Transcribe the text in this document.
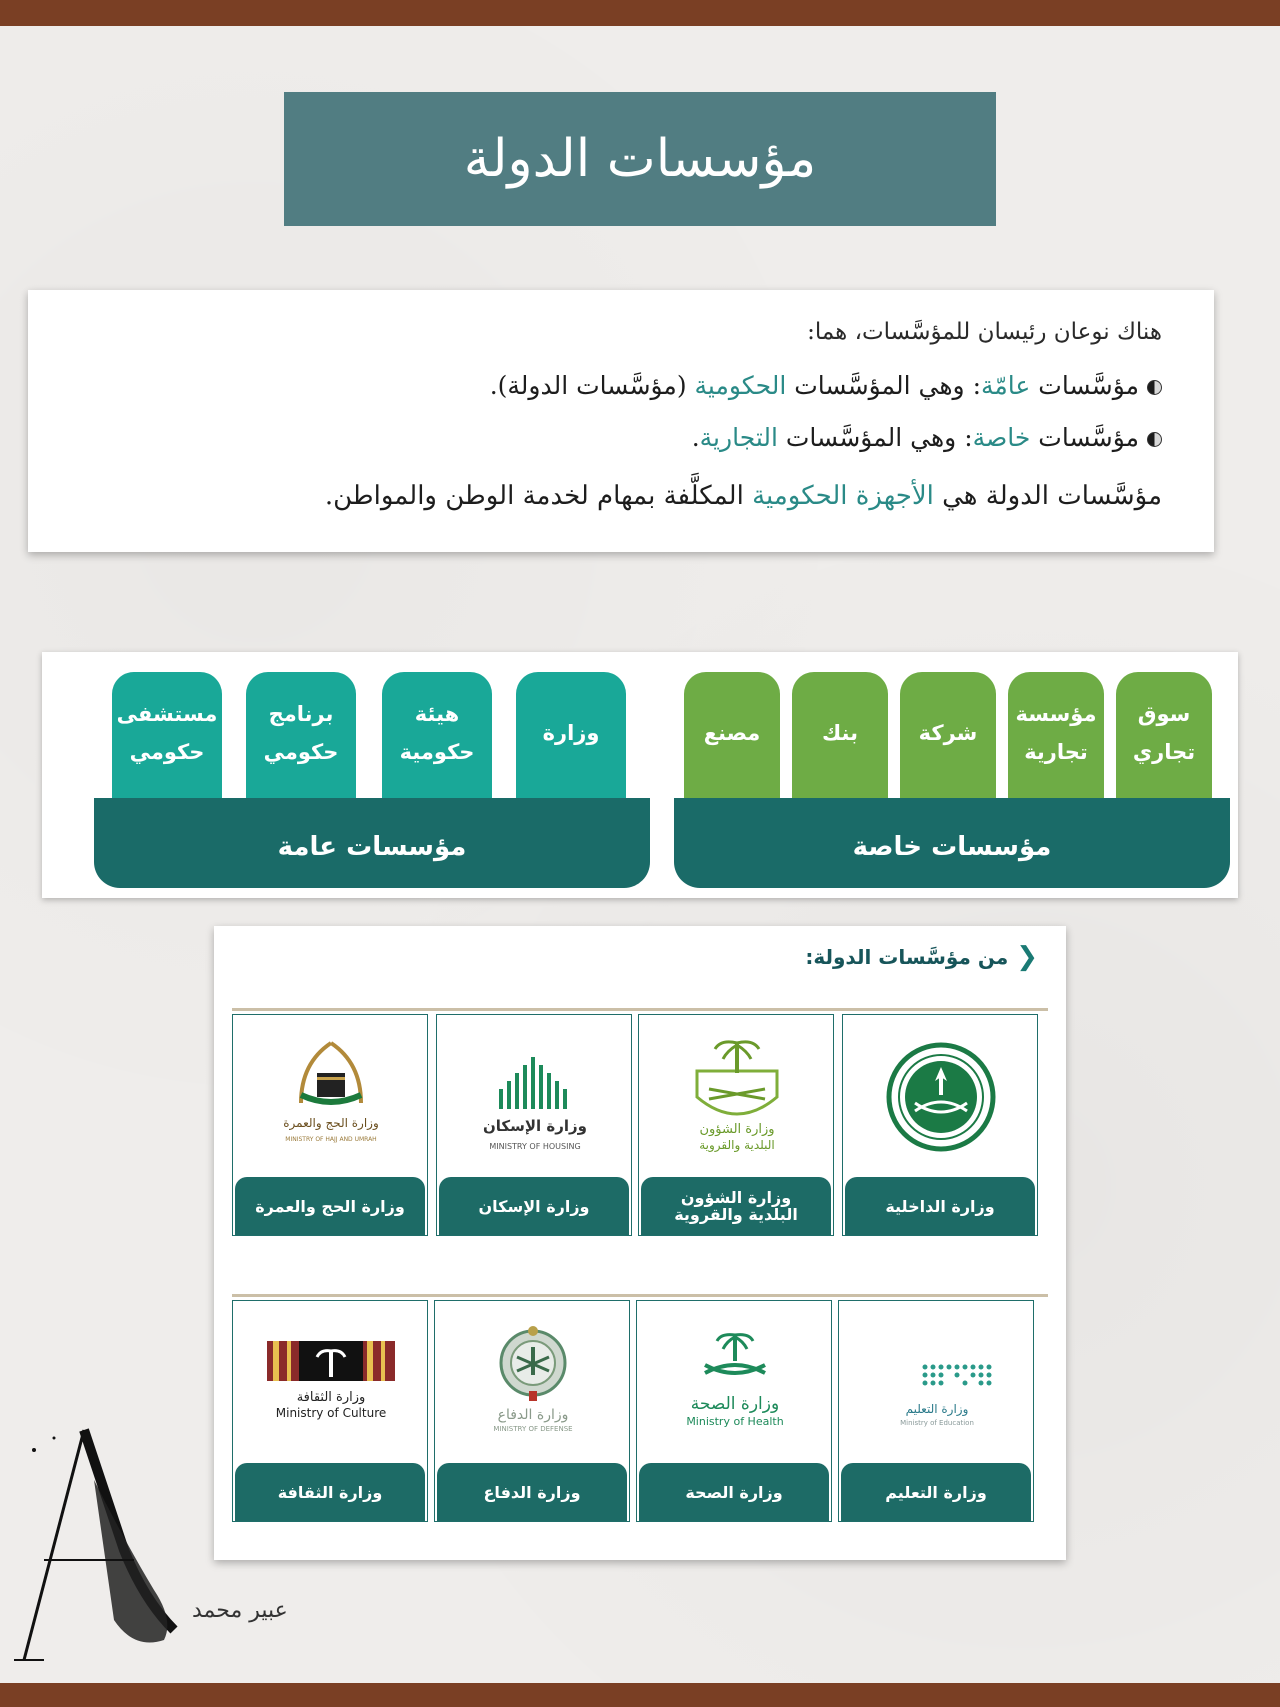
مؤسسات الدولة

هناك نوعان رئيسان للمؤسَّسات، هما:

مؤسَّسات عامّة: وهي المؤسَّسات الحكومية (مؤسَّسات الدولة).

مؤسَّسات خاصة: وهي المؤسَّسات التجارية.

مؤسَّسات الدولة هي الأجهزة الحكومية المكلَّفة بمهام لخدمة الوطن والمواطن.

سوق
تجاري
مؤسسة
تجارية
شركة
بنك
مصنع
مؤسسات خاصة
وزارة
هيئة
حكومية
برنامج
حكومي
مستشفى
حكومي
مؤسسات عامة
❮
من مؤسَّسات الدولة:
وزارة الداخلية
وزارة الشؤون
البلدية والقروية
وزارة الشؤون
البلدية والقروية
وزارة الإسكان
MINISTRY OF HOUSING
وزارة الإسكان
وزارة الحج والعمرة
MINISTRY OF HAJJ AND UMRAH
وزارة الحج والعمرة
وزارة التعليم
Ministry of Education
وزارة التعليم
وزارة الصحة
Ministry of Health
وزارة الصحة
وزارة الدفاع
MINISTRY OF DEFENSE
وزارة الدفاع
وزارة الثقافة
Ministry of Culture
وزارة الثقافة
عبير محمد
